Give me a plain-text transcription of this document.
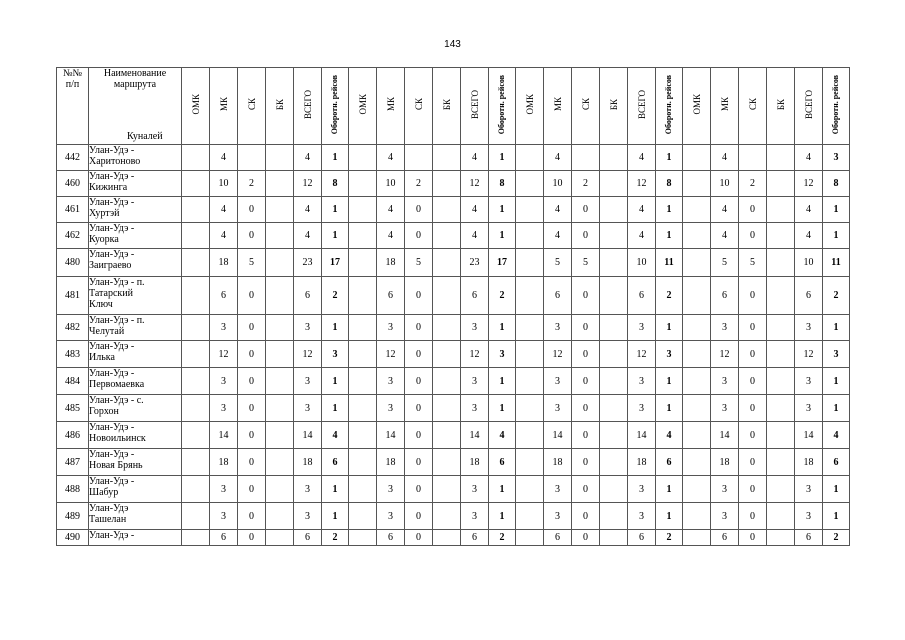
143
№№
п/п	Наименование
маршрута
Куналей	ОМК	МК	СК	БК	ВСЕГО	Оборотн. рейсов	ОМК	МК	СК	БК	ВСЕГО	Оборотн. рейсов	ОМК	МК	СК	БК	ВСЕГО	Оборотн. рейсов	ОМК	МК	СК	БК	ВСЕГО	Оборотн. рейсов
442	Улан-Удэ -
Харитоново		4			4	1		4			4	1		4			4	1		4			4	3
460	Улан-Удэ -
Кижинга		10	2		12	8		10	2		12	8		10	2		12	8		10	2		12	8
461	Улан-Удэ -
Хуртэй		4	0		4	1		4	0		4	1		4	0		4	1		4	0		4	1
462	Улан-Удэ -
Куорка		4	0		4	1		4	0		4	1		4	0		4	1		4	0		4	1
480	Улан-Удэ -
Заиграево		18	5		23	17		18	5		23	17		5	5		10	11		5	5		10	11
481	Улан-Удэ - п.
Татарский
Ключ		6	0		6	2		6	0		6	2		6	0		6	2		6	0		6	2
482	Улан-Удэ - п.
Челутай		3	0		3	1		3	0		3	1		3	0		3	1		3	0		3	1
483	Улан-Удэ -
Илька		12	0		12	3		12	0		12	3		12	0		12	3		12	0		12	3
484	Улан-Удэ -
Первомаевка		3	0		3	1		3	0		3	1		3	0		3	1		3	0		3	1
485	Улан-Удэ - с.
Горхон		3	0		3	1		3	0		3	1		3	0		3	1		3	0		3	1
486	Улан-Удэ -
Новоильинск		14	0		14	4		14	0		14	4		14	0		14	4		14	0		14	4
487	Улан-Удэ -
Новая Брянь		18	0		18	6		18	0		18	6		18	0		18	6		18	0		18	6
488	Улан-Удэ -
Шабур		3	0		3	1		3	0		3	1		3	0		3	1		3	0		3	1
489	Улан-Удэ
Ташелан		3	0		3	1		3	0		3	1		3	0		3	1		3	0		3	1
490	Улан-Удэ -		6	0		6	2		6	0		6	2		6	0		6	2		6	0		6	2
